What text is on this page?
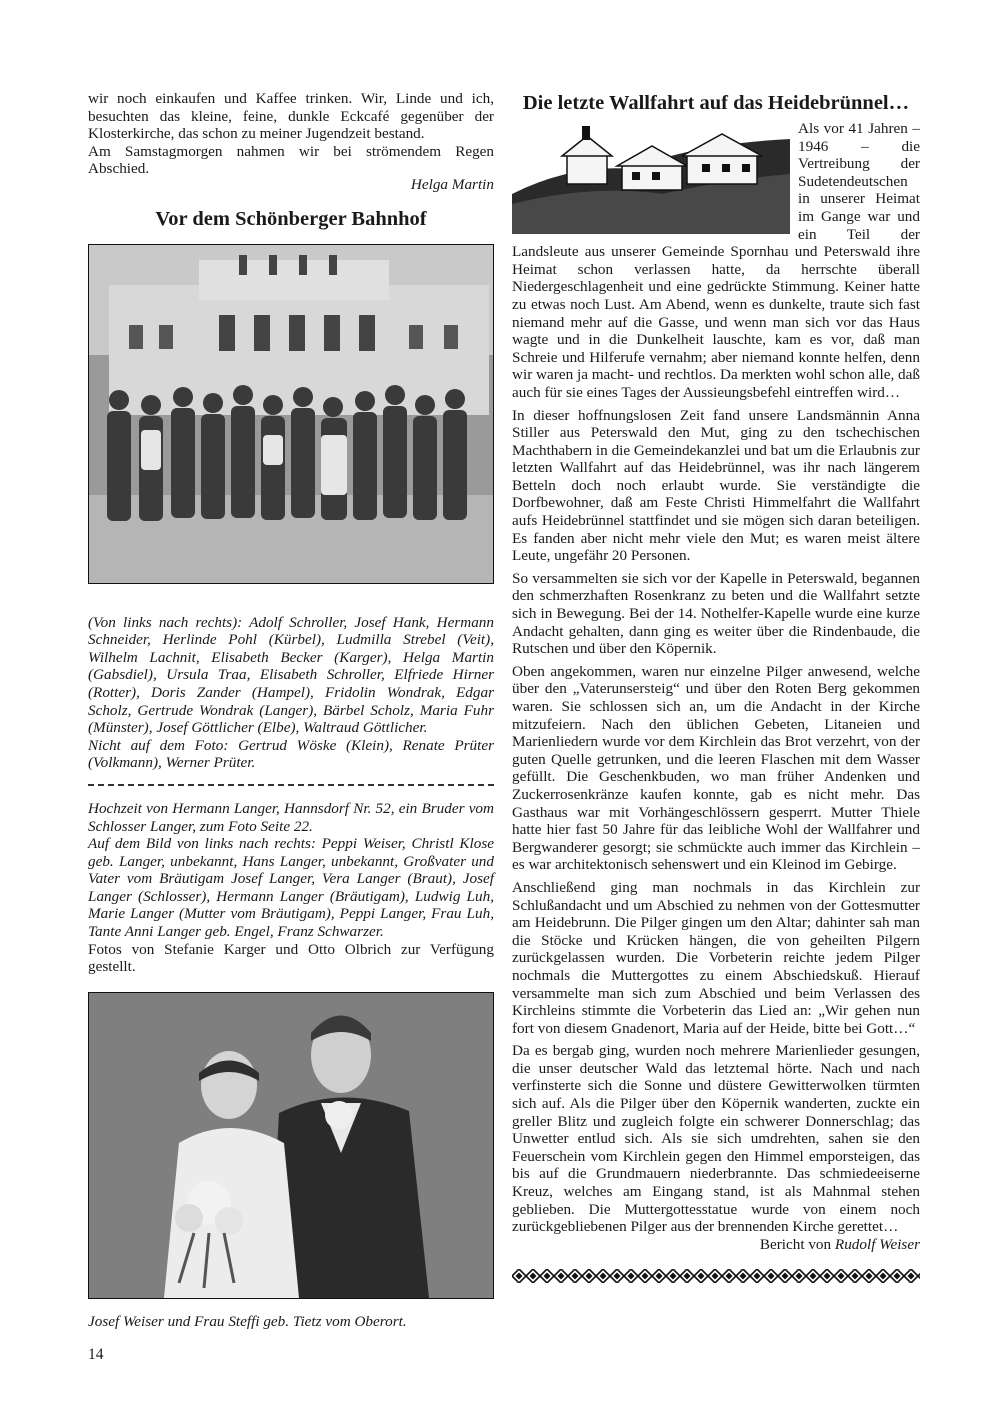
wir noch einkaufen und Kaffee trinken. Wir, Linde und ich, besuchten das kleine, feine, dunkle Eckcafé gegenüber der Klosterkirche, das schon zu meiner Jugendzeit bestand.

Am Samstagmorgen nahmen wir bei strömendem Regen Abschied.

Helga Martin

Vor dem Schönberger Bahnhof

(Von links nach rechts): Adolf Schroller, Josef Hank, Hermann Schneider, Herlinde Pohl (Kürbel), Ludmilla Strebel (Veit), Wilhelm Lachnit, Elisabeth Becker (Karger), Helga Martin (Gabsdiel), Ursula Traa, Elisabeth Schroller, Elfriede Hirner (Rotter), Doris Zander (Hampel), Fridolin Wondrak, Edgar Scholz, Gertrude Wondrak (Langer), Bärbel Scholz, Maria Fuhr (Münster), Josef Göttlicher (Elbe), Waltraud Göttlicher.

Nicht auf dem Foto: Gertrud Wöske (Klein), Renate Prüter (Volkmann), Werner Prüter.

Hochzeit von Hermann Langer, Hannsdorf Nr. 52, ein Bruder vom Schlosser Langer, zum Foto Seite 22.

Auf dem Bild von links nach rechts: Peppi Weiser, Christl Klose geb. Langer, unbekannt, Hans Langer, unbekannt, Großvater und Vater vom Bräutigam Josef Langer, Vera Langer (Braut), Josef Langer (Schlosser), Hermann Langer (Bräutigam), Ludwig Luh, Marie Langer (Mutter vom Bräutigam), Peppi Langer, Frau Luh, Tante Anni Langer geb. Engel, Franz Schwarzer.

Fotos von Stefanie Karger und Otto Olbrich zur Verfügung gestellt.

Josef Weiser und Frau Steffi geb. Tietz vom Oberort.

Die letzte Wallfahrt auf das Heidebrünnel…

Als vor 41 Jahren – 1946 – die Vertreibung der Sudetendeutschen in unserer Heimat im Gange war und ein Teil der Landsleute aus unserer Gemeinde Spornhau und Peterswald ihre Heimat schon verlassen hatte, da herrschte überall Niedergeschlagenheit und eine gedrückte Stimmung. Keiner hatte zu etwas noch Lust. Am Abend, wenn es dunkelte, traute sich fast niemand mehr auf die Gasse, und wenn man sich vor das Haus wagte und in die Dunkelheit lauschte, kam es vor, daß man Schreie und Hilferufe vernahm; aber niemand konnte helfen, denn wir waren ja macht- und rechtlos. Da merkten wohl schon alle, daß auch für sie eines Tages der Aussieungsbefehl eintreffen wird…

In dieser hoffnungslosen Zeit fand unsere Landsmännin Anna Stiller aus Peterswald den Mut, ging zu den tschechischen Machthabern in die Gemeindekanzlei und bat um die Erlaubnis zur letzten Wallfahrt auf das Heidebrünnel, was ihr nach längerem Betteln doch noch erlaubt wurde. Sie verständigte die Dorfbewohner, daß am Feste Christi Himmelfahrt die Wallfahrt aufs Heidebrünnel stattfindet und sie mögen sich daran beteiligen. Es fanden aber nicht mehr viele den Mut; es waren meist ältere Leute, ungefähr 20 Personen.

So versammelten sie sich vor der Kapelle in Peterswald, begannen den schmerzhaften Rosenkranz zu beten und die Wallfahrt setzte sich in Bewegung. Bei der 14. Nothelfer-Kapelle wurde eine kurze Andacht gehalten, dann ging es weiter über die Rindenbaude, die Rutschen und über den Köpernik.

Oben angekommen, waren nur einzelne Pilger anwesend, welche über den „Vaterunsersteig“ und über den Roten Berg gekommen waren. Sie schlossen sich an, um die Andacht in der Kirche mitzufeiern. Nach den üblichen Gebeten, Litaneien und Marienliedern wurde vor dem Kirchlein das Brot verzehrt, von der guten Quelle getrunken, und die leeren Flaschen mit dem Wasser gefüllt. Die Geschenkbuden, wo man früher Andenken und Zuckerrosenkränze kaufen konnte, gab es nicht mehr. Das Gasthaus war mit Vorhängeschlössern gesperrt. Mutter Thiele hatte hier fast 50 Jahre für das leibliche Wohl der Wallfahrer und Bergwanderer gesorgt; sie schmückte auch immer das Kirchlein – es war architektonisch sehenswert und ein Kleinod im Gebirge.

Anschließend ging man nochmals in das Kirchlein zur Schlußandacht und um Abschied zu nehmen von der Gottesmutter am Heidebrunn. Die Pilger gingen um den Altar; dahinter sah man die Stöcke und Krücken hängen, die von geheilten Pilgern zurückgelassen wurden. Die Vorbeterin reichte jedem Pilger nochmals die Muttergottes zu einem Abschiedskuß. Hierauf versammelte man sich zum Abschied und beim Verlassen des Kirchleins stimmte die Vorbeterin das Lied an: „Wir gehen nun fort von diesem Gnadenort, Maria auf der Heide, bitte bei Gott…“

Da es bergab ging, wurden noch mehrere Marienlieder gesungen, die unser deutscher Wald das letztemal hörte. Nach und nach verfinsterte sich die Sonne und düstere Gewitterwolken türmten sich auf. Als die Pilger über den Köpernik wanderten, zuckte ein greller Blitz und zugleich folgte ein schwerer Donnerschlag; das Unwetter entlud sich. Als sie sich umdrehten, sahen sie den Feuerschein vom Kirchlein gegen den Himmel emporsteigen, das bis auf die Grundmauern niederbrannte. Das schmiedeeiserne Kreuz, welches am Eingang stand, ist als Mahnmal stehen geblieben. Die Muttergottesstatue wurde von einem noch zurückgebliebenen Pilger aus der brennenden Kirche gerettet…

Bericht von Rudolf Weiser

14
